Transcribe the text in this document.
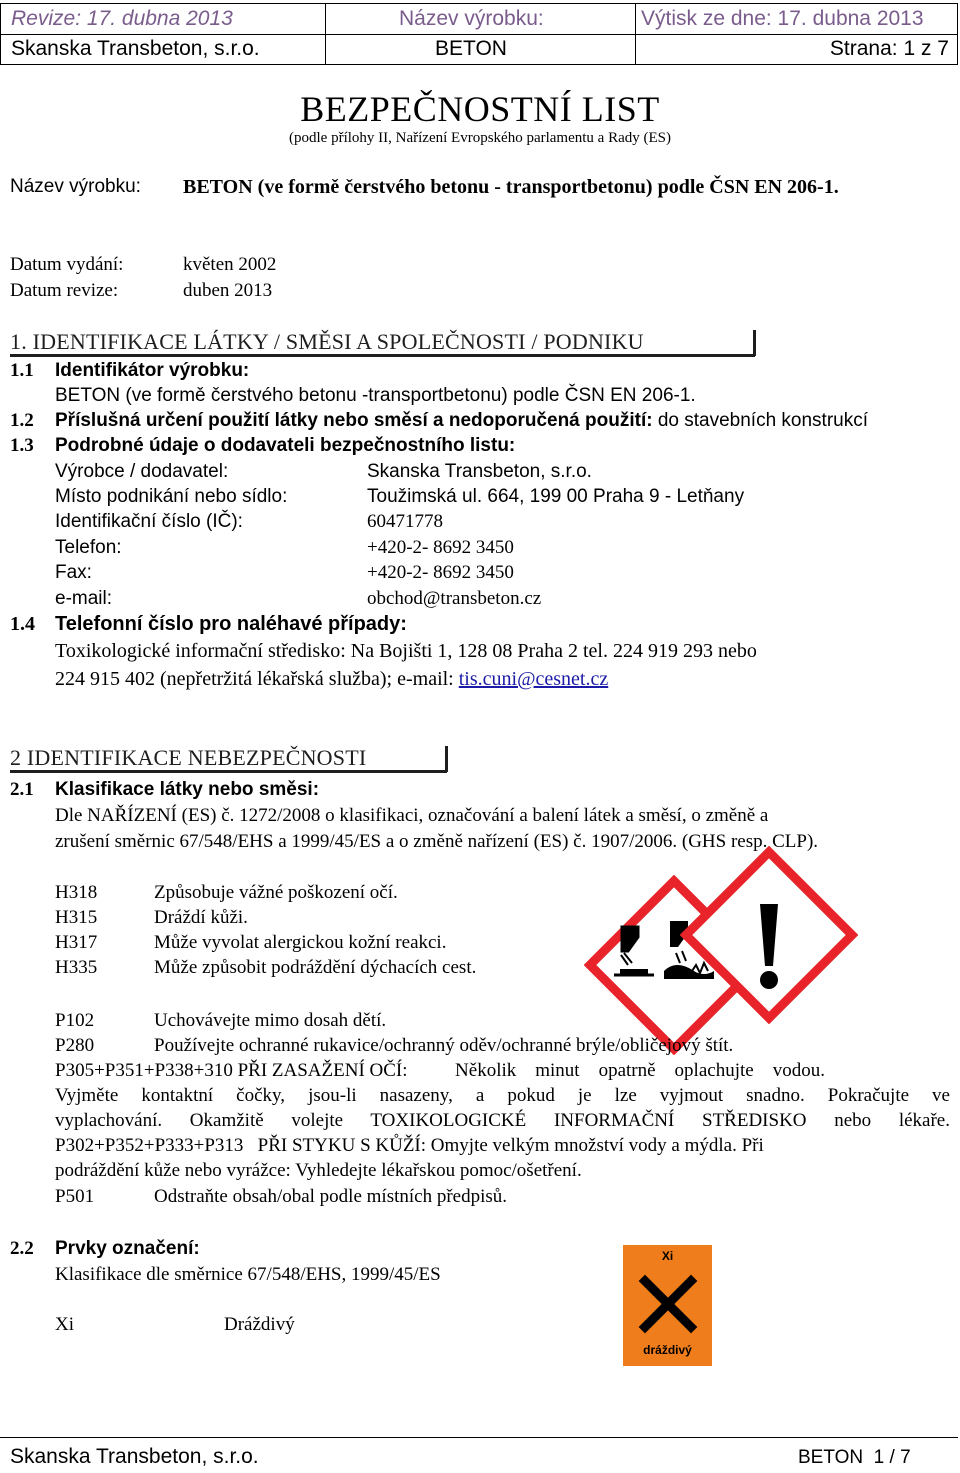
Revize: 17. dubna 2013	Název výrobku:	Výtisk ze dne: 17. dubna 2013
Skanska Transbeton, s.r.o.	BETON	Strana: 1 z 7
BEZPEČNOSTNÍ LIST
(podle přílohy II, Nařízení Evropského parlamentu a Rady (ES)
Název výrobku: BETON (ve formě čerstvého betonu - transportbetonu) podle ČSN EN 206-1.
Datum vydání:	květen 2002
Datum revize:	duben 2013
1. IDENTIFIKACE LÁTKY / SMĚSI A SPOLEČNOSTI / PODNIKU
1.1 Identifikátor výrobku:
BETON (ve formě čerstvého betonu -transportbetonu) podle ČSN EN 206-1.
1.2 Příslušná určení použití látky nebo směsí a nedoporučená použití: do stavebních konstrukcí
1.3 Podrobné údaje o dodavateli bezpečnostního listu:
Výrobce / dodavatel:	Skanska Transbeton, s.r.o.
Místo podnikání nebo sídlo:	Toužimská ul. 664, 199 00 Praha 9 - Letňany
Identifikační číslo (IČ):	60471778
Telefon:	+420-2- 8692 3450
Fax:	+420-2- 8692 3450
e-mail:	obchod@transbeton.cz
1.4 Telefonní číslo pro naléhavé případy:
Toxikologické informační středisko: Na Bojišti 1, 128 08 Praha 2 tel. 224 919 293 nebo
224 915 402 (nepřetržitá lékařská služba); e-mail: tis.cuni@cesnet.cz
2 IDENTIFIKACE NEBEZPEČNOSTI
2.1 Klasifikace látky nebo směsi:
Dle NAŘÍZENÍ (ES) č. 1272/2008 o klasifikaci, označování a balení látek a směsí, o změně a
zrušení směrnic 67/548/EHS a 1999/45/ES a o změně nařízení (ES) č. 1907/2006. (GHS resp. CLP).
H318	Způsobuje vážné poškození očí.
H315	Dráždí kůži.
H317	Může vyvolat alergickou kožní reakci.
H335	Může způsobit podráždění dýchacích cest.
P102	Uchovávejte mimo dosah dětí.
P280	Používejte ochranné rukavice/ochranný oděv/ochranné brýle/obličejový štít.
P305+P351+P338+310 PŘI ZASAŽENÍ OČÍ:          Několik    minut    opatrně    oplachujte    vodou.
Vyjměte kontaktní čočky, jsou-li nasazeny, a pokud je lze vyjmout snadno. Pokračujte ve
vyplachování. Okamžitě volejte TOXIKOLOGICKÉ INFORMAČNÍ STŘEDISKO nebo lékaře.
P302+P352+P333+P313   PŘI STYKU S KŮŽÍ: Omyjte velkým množství vody a mýdla. Při
podráždění kůže nebo vyrážce: Vyhledejte lékařskou pomoc/ošetření.
P501	Odstraňte obsah/obal podle místních předpisů.
2.2 Prvky označení:
Klasifikace dle směrnice 67/548/EHS, 1999/45/ES
Xi	Dráždivý
Xi
dráždivý
Skanska Transbeton, s.r.o.	BETON  1 / 7
